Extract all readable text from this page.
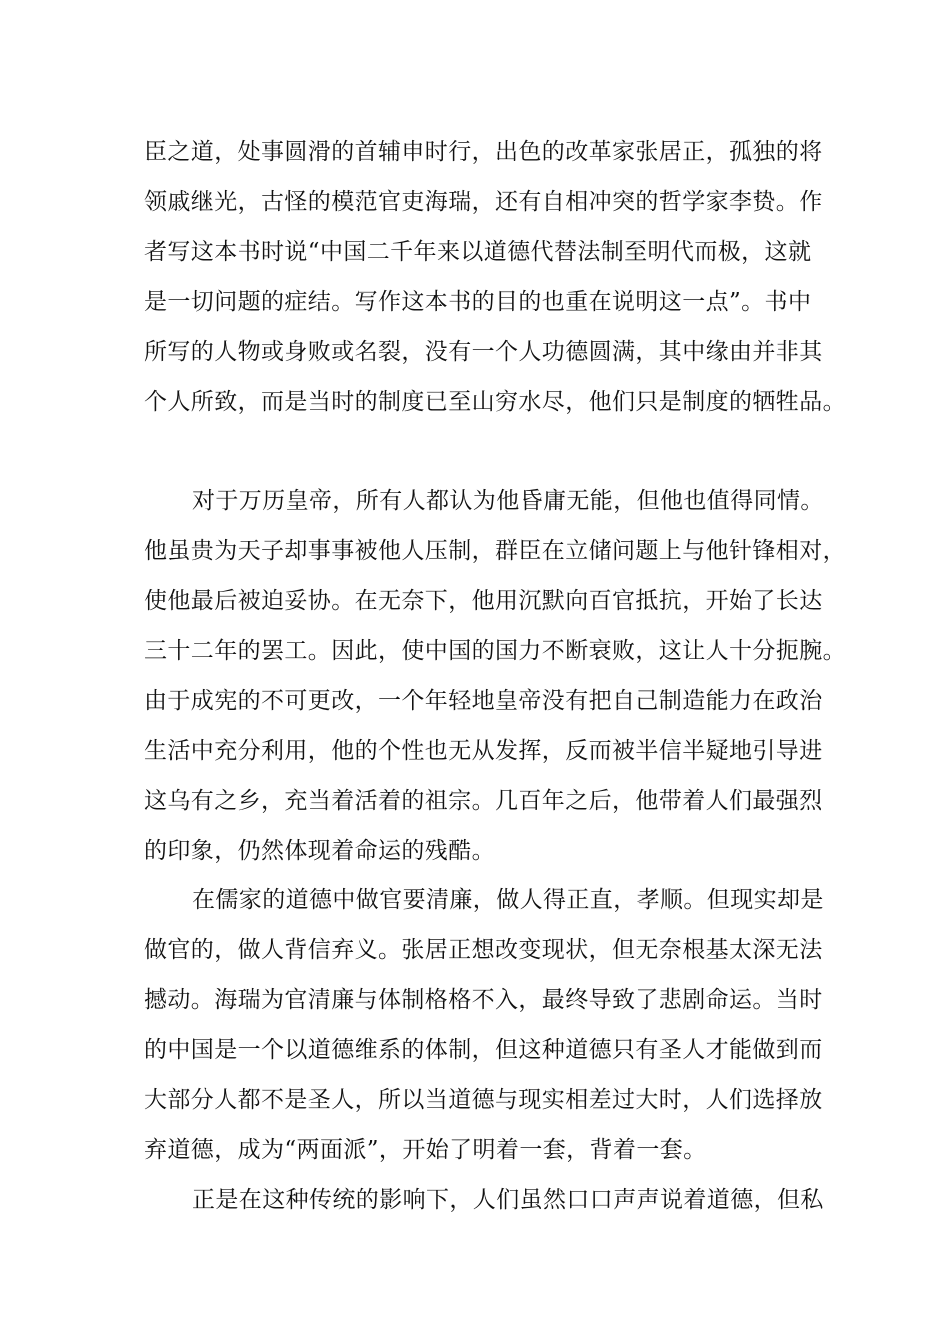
臣之道，处事圆滑的首辅申时行，出色的改革家张居正，孤独的将
领戚继光，古怪的模范官吏海瑞，还有自相冲突的哲学家李贽。作
者写这本书时说“中国二千年来以道德代替法制至明代而极，这就
是一切问题的症结。写作这本书的目的也重在说明这一点”。书中
所写的人物或身败或名裂，没有一个人功德圆满，其中缘由并非其
个人所致，而是当时的制度已至山穷水尽，他们只是制度的牺牲品。
对于万历皇帝，所有人都认为他昏庸无能，但他也值得同情。
他虽贵为天子却事事被他人压制，群臣在立储问题上与他针锋相对，
使他最后被迫妥协。在无奈下，他用沉默向百官抵抗，开始了长达
三十二年的罢工。因此，使中国的国力不断衰败，这让人十分扼腕。
由于成宪的不可更改，一个年轻地皇帝没有把自己制造能力在政治
生活中充分利用，他的个性也无从发挥，反而被半信半疑地引导进
这乌有之乡，充当着活着的祖宗。几百年之后，他带着人们最强烈
的印象，仍然体现着命运的残酷。
在儒家的道德中做官要清廉，做人得正直，孝顺。但现实却是
做官的，做人背信弃义。张居正想改变现状，但无奈根基太深无法
撼动。海瑞为官清廉与体制格格不入，最终导致了悲剧命运。当时
的中国是一个以道德维系的体制，但这种道德只有圣人才能做到而
大部分人都不是圣人，所以当道德与现实相差过大时，人们选择放
弃道德，成为“两面派”，开始了明着一套，背着一套。
正是在这种传统的影响下，人们虽然口口声声说着道德，但私
